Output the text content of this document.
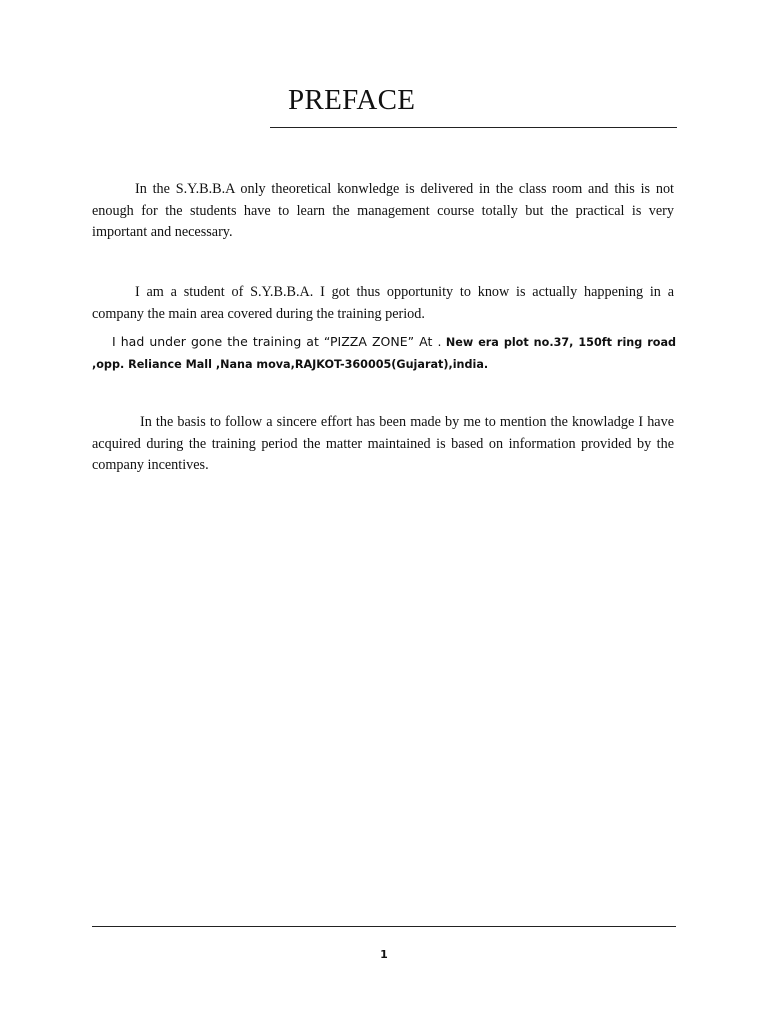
PREFACE

In the S.Y.B.B.A only theoretical konwledge is delivered in the class room and this is not enough for the students have to learn the management course totally but the practical is very important and necessary.

I am a student of S.Y.B.B.A. I got thus opportunity to know is actually happening in a company the main area covered during the training period.

I had under gone the training at “PIZZA ZONE” At . New era plot no.37, 150ft ring road ,opp. Reliance Mall ,Nana mova,RAJKOT-360005(Gujarat),india.

In the basis to follow a sincere effort has been made by me to mention the knowladge I have acquired during the training period the matter maintained is based on information provided by the company incentives.

1
